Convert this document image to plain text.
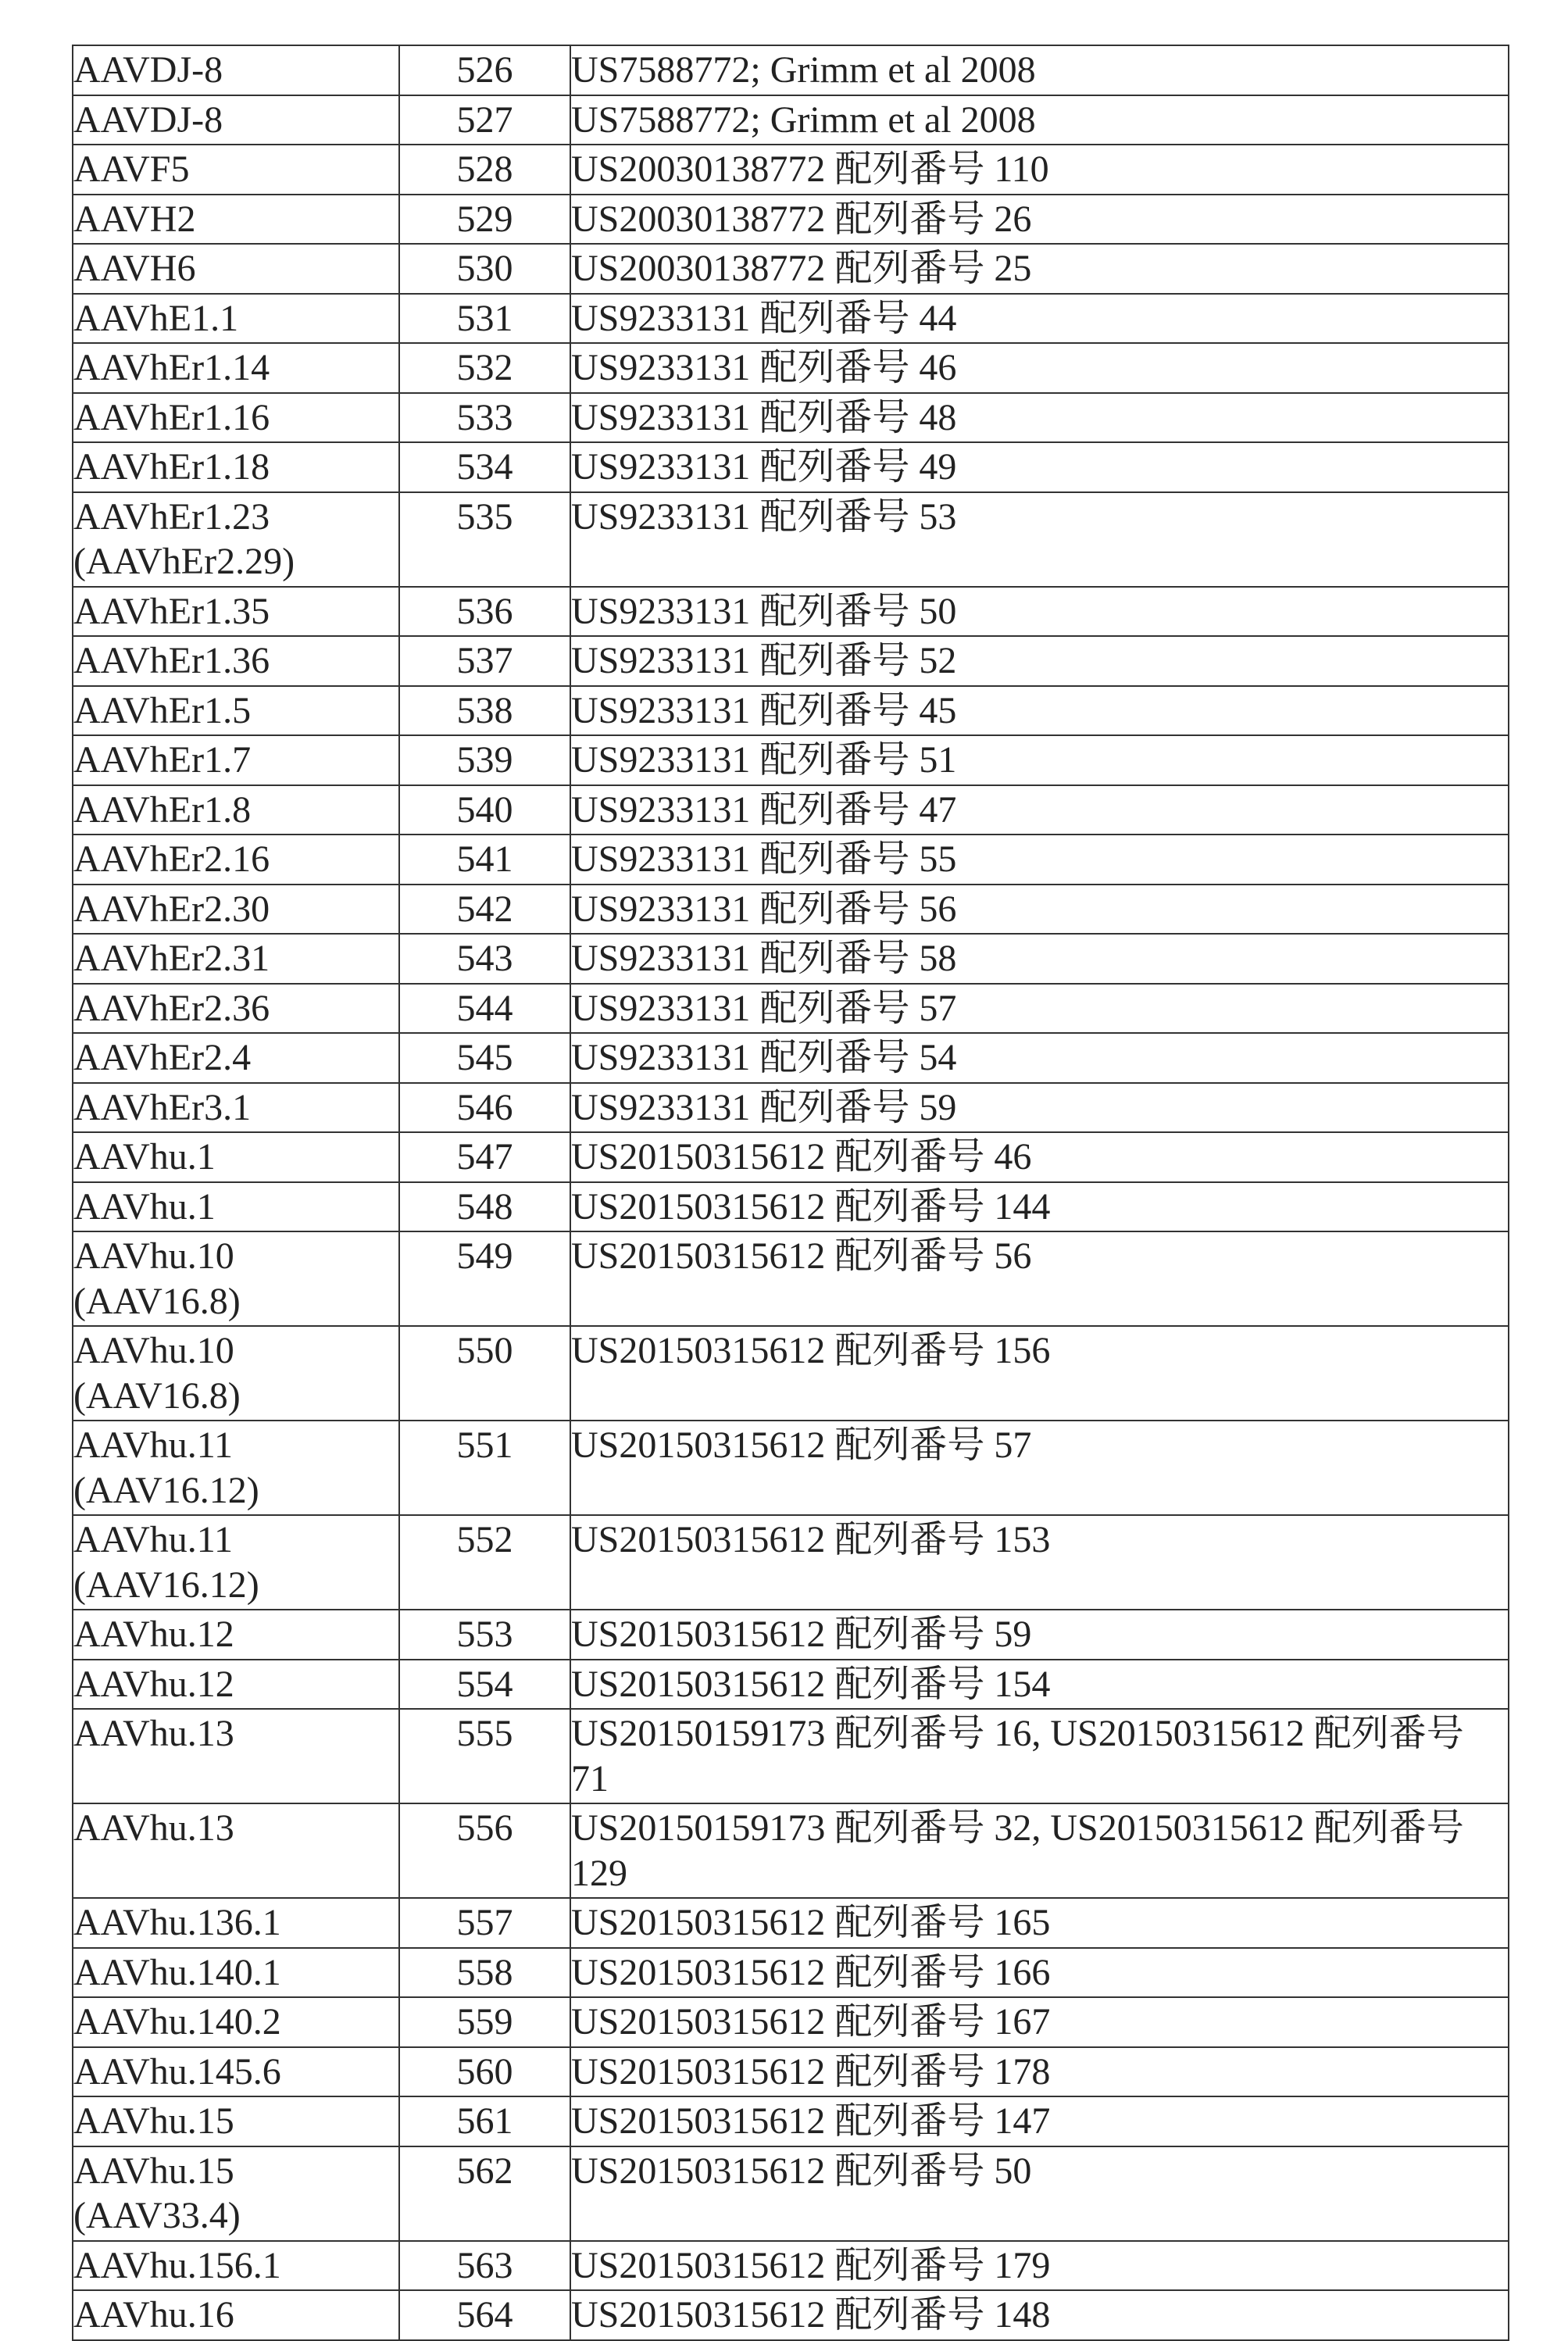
AAVDJ-8	526	US7588772; Grimm et al 2008

AAVDJ-8	527	US7588772; Grimm et al 2008

AAVF5	528	US20030138772 配列番号 110

AAVH2	529	US20030138772 配列番号 26

AAVH6	530	US20030138772 配列番号 25

AAVhE1.1	531	US9233131 配列番号 44

AAVhEr1.14	532	US9233131 配列番号 46

AAVhEr1.16	533	US9233131 配列番号 48

AAVhEr1.18	534	US9233131 配列番号 49

AAVhEr1.23
(AAVhEr2.29)	535	US9233131 配列番号 53

AAVhEr1.35	536	US9233131 配列番号 50

AAVhEr1.36	537	US9233131 配列番号 52

AAVhEr1.5	538	US9233131 配列番号 45

AAVhEr1.7	539	US9233131 配列番号 51

AAVhEr1.8	540	US9233131 配列番号 47

AAVhEr2.16	541	US9233131 配列番号 55

AAVhEr2.30	542	US9233131 配列番号 56

AAVhEr2.31	543	US9233131 配列番号 58

AAVhEr2.36	544	US9233131 配列番号 57

AAVhEr2.4	545	US9233131 配列番号 54

AAVhEr3.1	546	US9233131 配列番号 59

AAVhu.1	547	US20150315612 配列番号 46

AAVhu.1	548	US20150315612 配列番号 144

AAVhu.10
(AAV16.8)	549	US20150315612 配列番号 56

AAVhu.10
(AAV16.8)	550	US20150315612 配列番号 156

AAVhu.11
(AAV16.12)	551	US20150315612 配列番号 57

AAVhu.11
(AAV16.12)	552	US20150315612 配列番号 153

AAVhu.12	553	US20150315612 配列番号 59

AAVhu.12	554	US20150315612 配列番号 154

AAVhu.13	555	US20150159173 配列番号 16, US20150315612 配列番号
71

AAVhu.13	556	US20150159173 配列番号 32, US20150315612 配列番号
129

AAVhu.136.1	557	US20150315612 配列番号 165

AAVhu.140.1	558	US20150315612 配列番号 166

AAVhu.140.2	559	US20150315612 配列番号 167

AAVhu.145.6	560	US20150315612 配列番号 178

AAVhu.15	561	US20150315612 配列番号 147

AAVhu.15
(AAV33.4)	562	US20150315612 配列番号 50

AAVhu.156.1	563	US20150315612 配列番号 179

AAVhu.16	564	US20150315612 配列番号 148
